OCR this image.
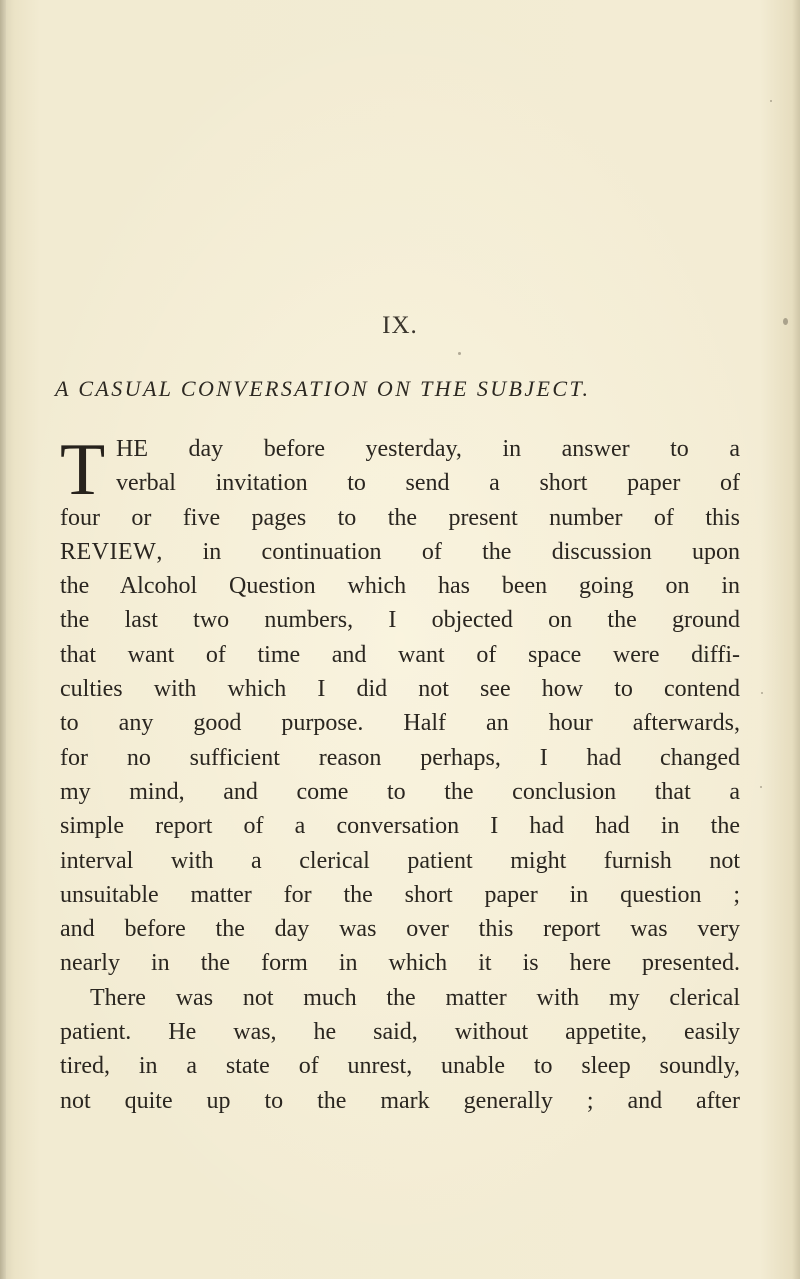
IX.
A CASUAL CONVERSATION ON THE SUBJECT.
T HE day before yesterday, in answer to a
verbal invitation to send a short paper of
four or five pages to the present number of this
REVIEW, in continuation of the discussion upon
the Alcohol Question which has been going on in
the last two numbers, I objected on the ground
that want of time and want of space were diffi-
culties with which I did not see how to contend
to any good purpose. Half an hour afterwards,
for no sufficient reason perhaps, I had changed
my mind, and come to the conclusion that a
simple report of a conversation I had had in the
interval with a clerical patient might furnish not
unsuitable matter for the short paper in question ;
and before the day was over this report was very
nearly in the form in which it is here presented.
There was not much the matter with my clerical
patient. He was, he said, without appetite, easily
tired, in a state of unrest, unable to sleep soundly,
not quite up to the mark generally ; and after
